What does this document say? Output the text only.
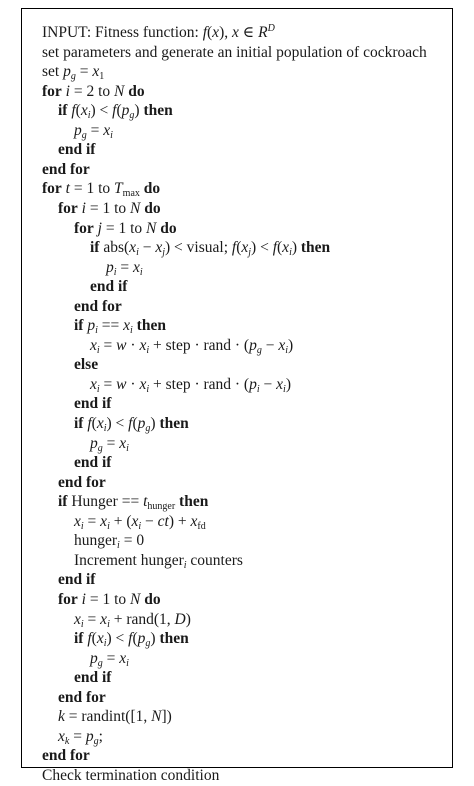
INPUT: Fitness function: f(x), x ∈ $R^D$
set parameters and generate an initial population of cockroach
set $p_g = x_1$
for i = 2 to N do
if $f(x_i) < f(p_g)$ then
$p_g = x_i$
end if
end for
for t = 1 to $T_{max}$ do
for i = 1 to N do
for j = 1 to N do
if $abs(x_i - x_j)$ < visual; $f(x_j) < f(x_i)$ then
$p_i = x_i$
end if
end for
if $p_i == x_i$ then
$x_i = w \cdot x_i$ + step · rand · $(p_g - x_i)$
else
$x_i = w \cdot x_i$ + step · rand · $(p_i - x_i)$
end if
if $f(x_i) < f(p_g)$ then
$p_g = x_i$
end if
end for
if Hunger == $t_{hunger}$ then
$x_i = x_i + (x_i - ct) + x_{fd}$
hunger$_i$ = 0
Increment hunger$_i$ counters
end if
for i = 1 to N do
$x_i = x_i$ + rand(1, D)
if $f(x_i) < f(p_g)$ then
$p_g = x_i$
end if
end for
k = randint([1, N])
$x_k = p_g$;
end for
Check termination condition
